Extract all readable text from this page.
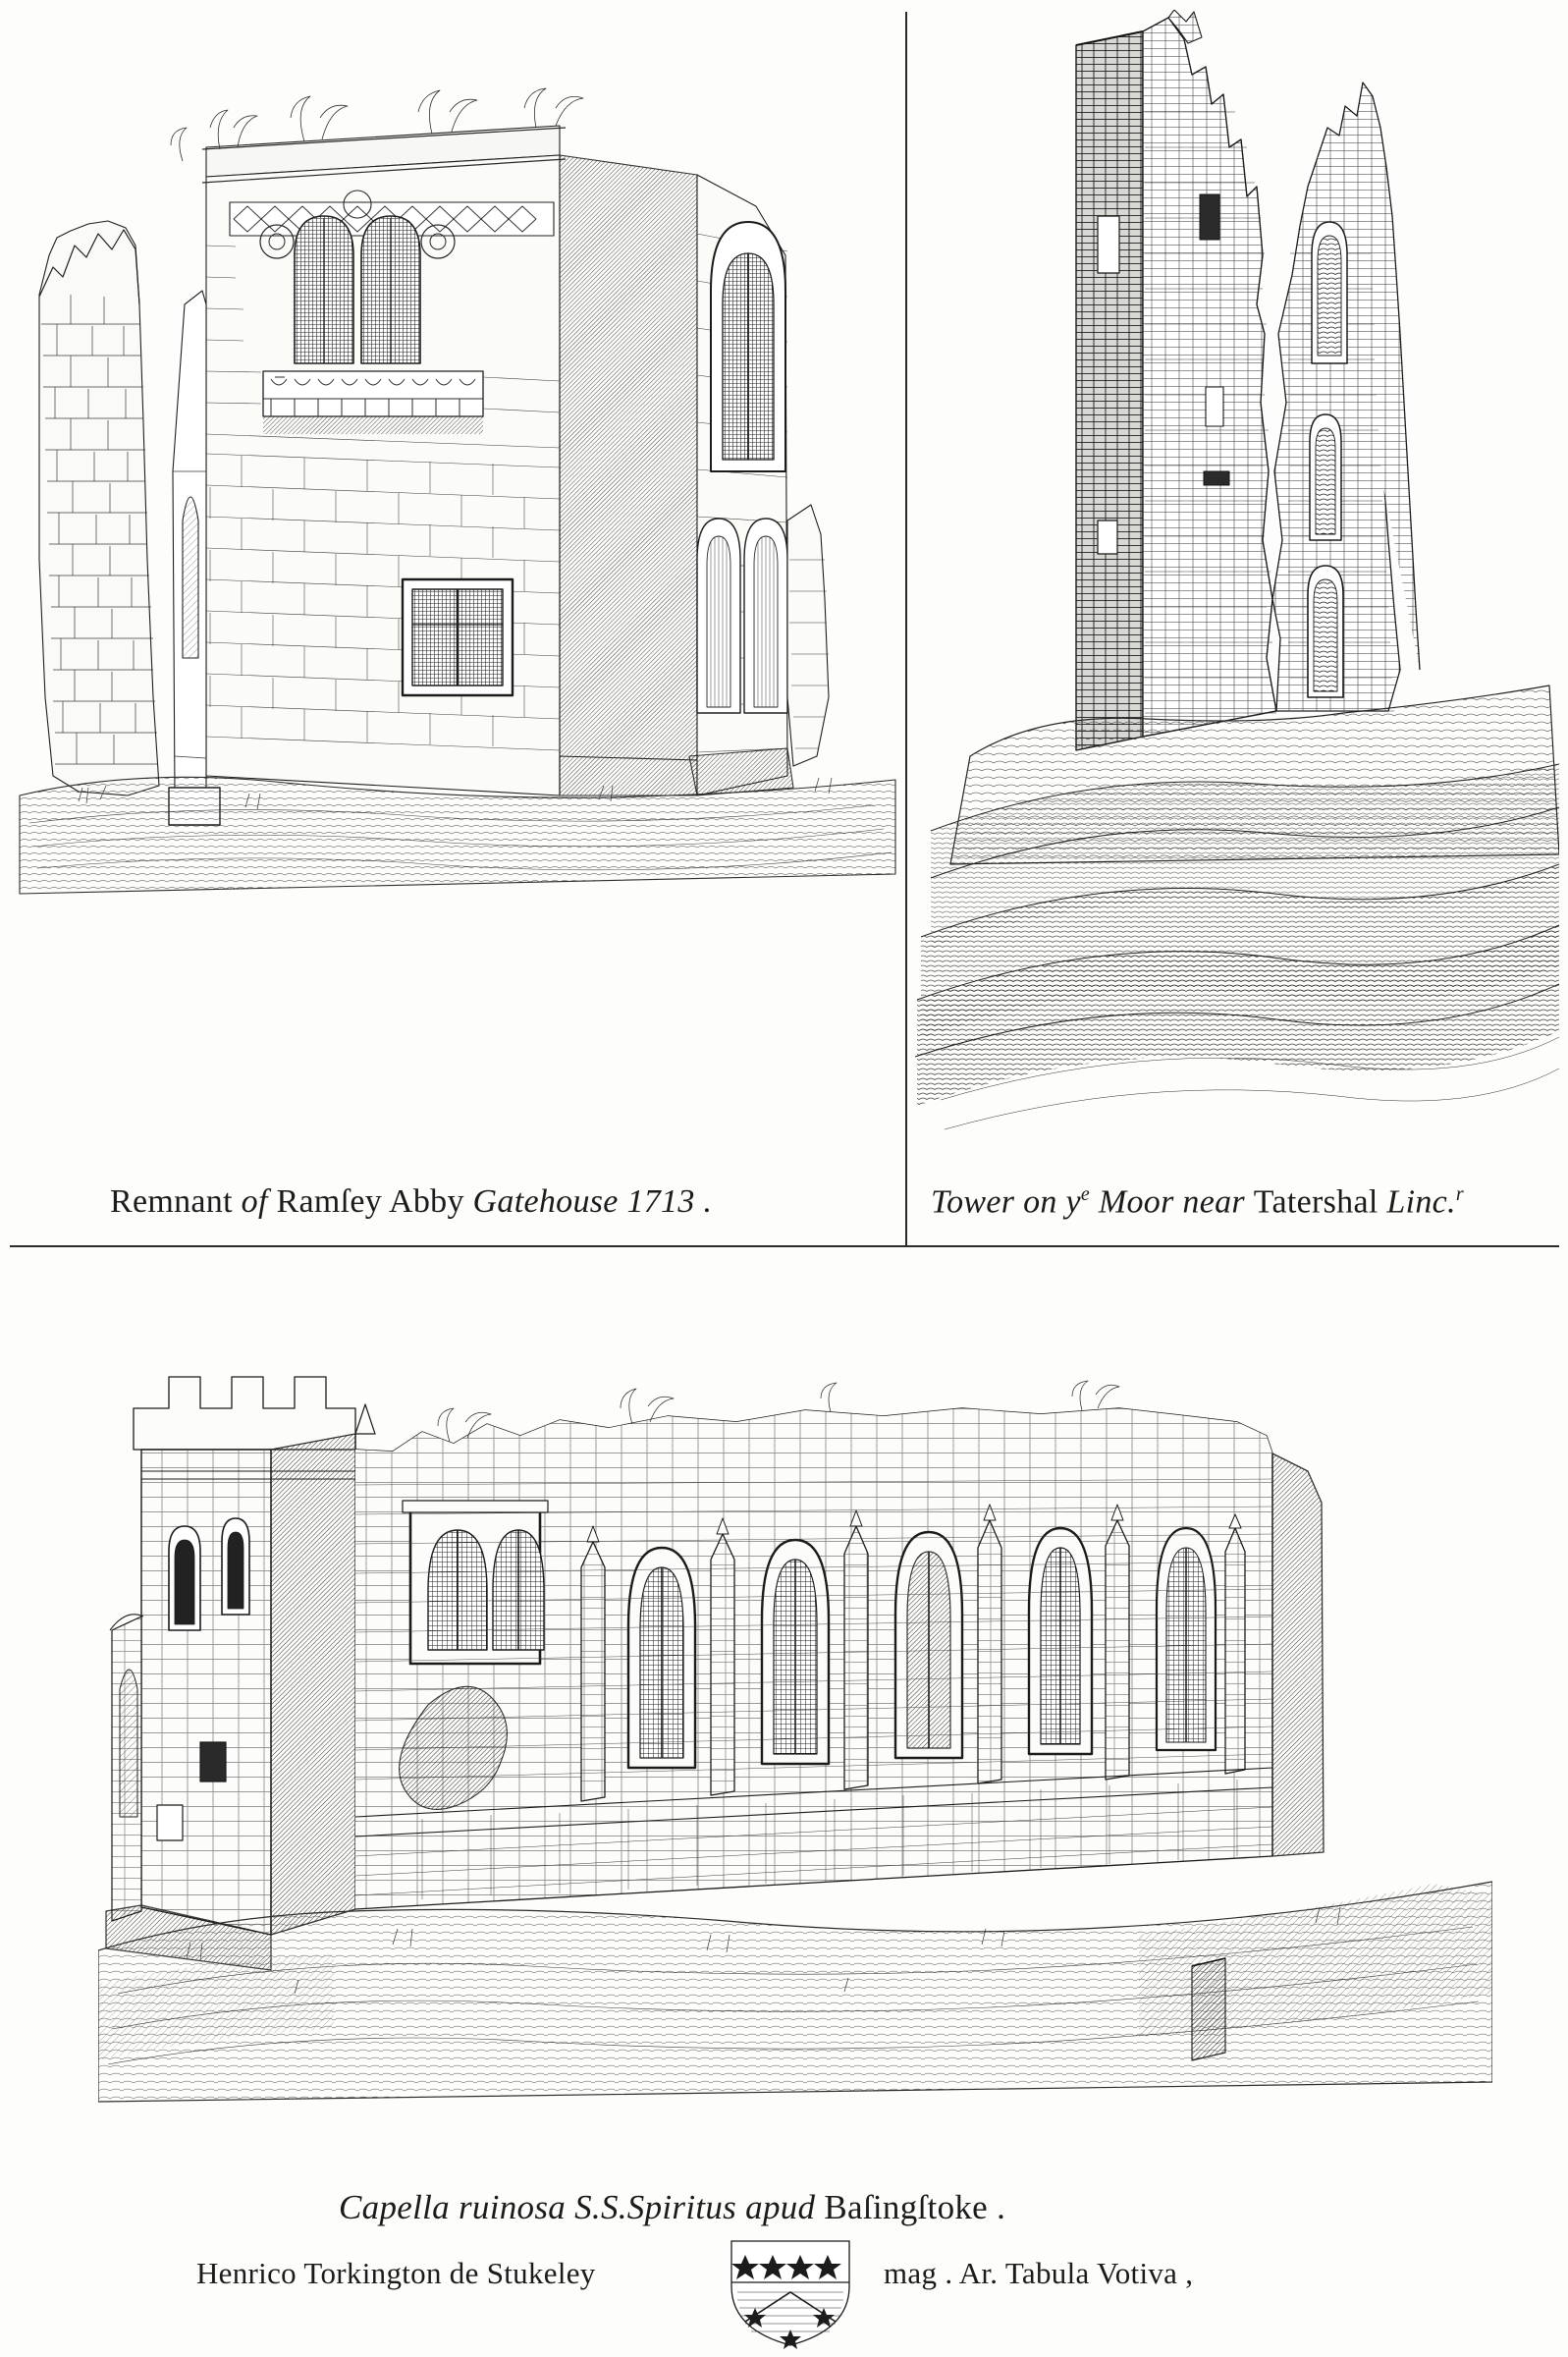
Remnant of Ramſey Abby Gatehouse 1713 .	Tower on $y^e$ Moor near Tatershal Linc.$^r$
Capella ruinosa S.S.Spiritus apud Baſingſtoke .
Henrico Torkington de Stukeley	mag . Ar. Tabula Votiva ,
